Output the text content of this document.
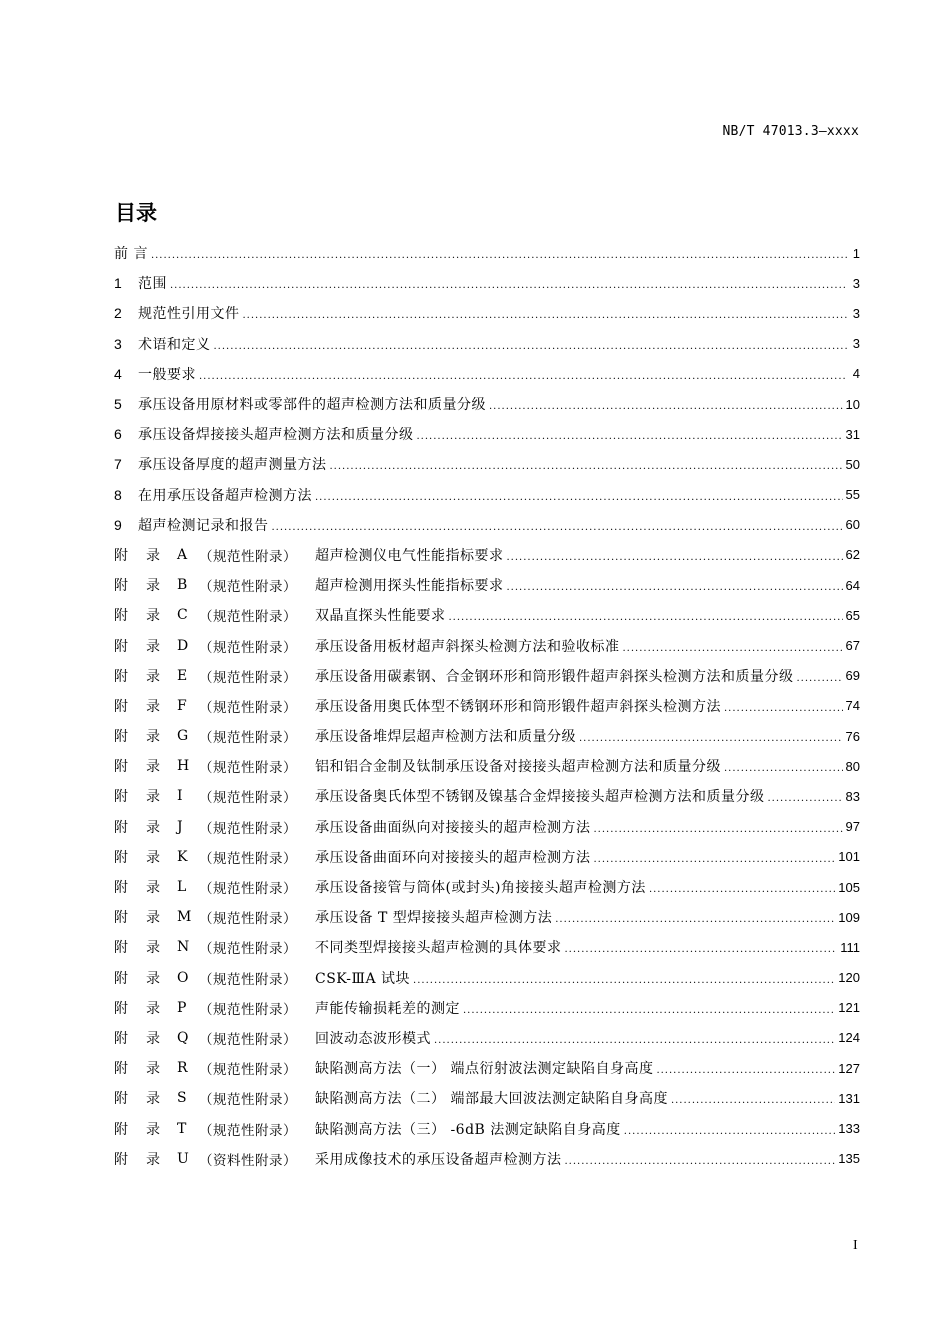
NB/T 47013.3—xxxx
目录
前 言 .....	1
1	范围 .....	3
2	规范性引用文件 .....	3
3	术语和定义 .....	3
4	一般要求 .....	4
5	承压设备用原材料或零部件的超声检测方法和质量分级 .....	10
6	承压设备焊接接头超声检测方法和质量分级 .....	31
7	承压设备厚度的超声测量方法 .....	50
8	在用承压设备超声检测方法 .....	55
9	超声检测记录和报告 .....	60
附	录	A （规范性附录）	超声检测仪电气性能指标要求 .....	62
附	录	B （规范性附录）	超声检测用探头性能指标要求 .....	64
附	录	C （规范性附录）	双晶直探头性能要求 .....	65
附	录	D （规范性附录）	承压设备用板材超声斜探头检测方法和验收标准 .....	67
附	录	E （规范性附录）	承压设备用碳素钢、合金钢环形和筒形锻件超声斜探头检测方法和质量分级 .....	69
附	录	F （规范性附录）	承压设备用奥氏体型不锈钢环形和筒形锻件超声斜探头检测方法 .....	74
附	录	G （规范性附录）	承压设备堆焊层超声检测方法和质量分级 .....	76
附	录	H （规范性附录）	铝和铝合金制及钛制承压设备对接接头超声检测方法和质量分级 .....	80
附	录	I	（规范性附录）	承压设备奥氏体型不锈钢及镍基合金焊接接头超声检测方法和质量分级 .....	83
附	录	J	（规范性附录）	承压设备曲面纵向对接接头的超声检测方法 .....	97
附	录	K （规范性附录）	承压设备曲面环向对接接头的超声检测方法 .....	101
附	录	L （规范性附录）	承压设备接管与筒体(或封头)角接接头超声检测方法 .....	105
附	录	M （规范性附录）	承压设备 T 型焊接接头超声检测方法 .....	109
附	录	N （规范性附录）	不同类型焊接接头超声检测的具体要求 .....	111
附	录	O （规范性附录）	CSK-ⅢA 试块 .....	120
附	录	P （规范性附录）	声能传输损耗差的测定 .....	121
附	录	Q （规范性附录）	回波动态波形模式 .....	124
附	录	R （规范性附录）	缺陷测高方法（一） 端点衍射波法测定缺陷自身高度 .....	127
附	录	S （规范性附录）	缺陷测高方法（二） 端部最大回波法测定缺陷自身高度 .....	131
附	录	T （规范性附录）	缺陷测高方法（三） -6dB 法测定缺陷自身高度 .....	133
附	录	U （资料性附录）	采用成像技术的承压设备超声检测方法 .....	135
I
